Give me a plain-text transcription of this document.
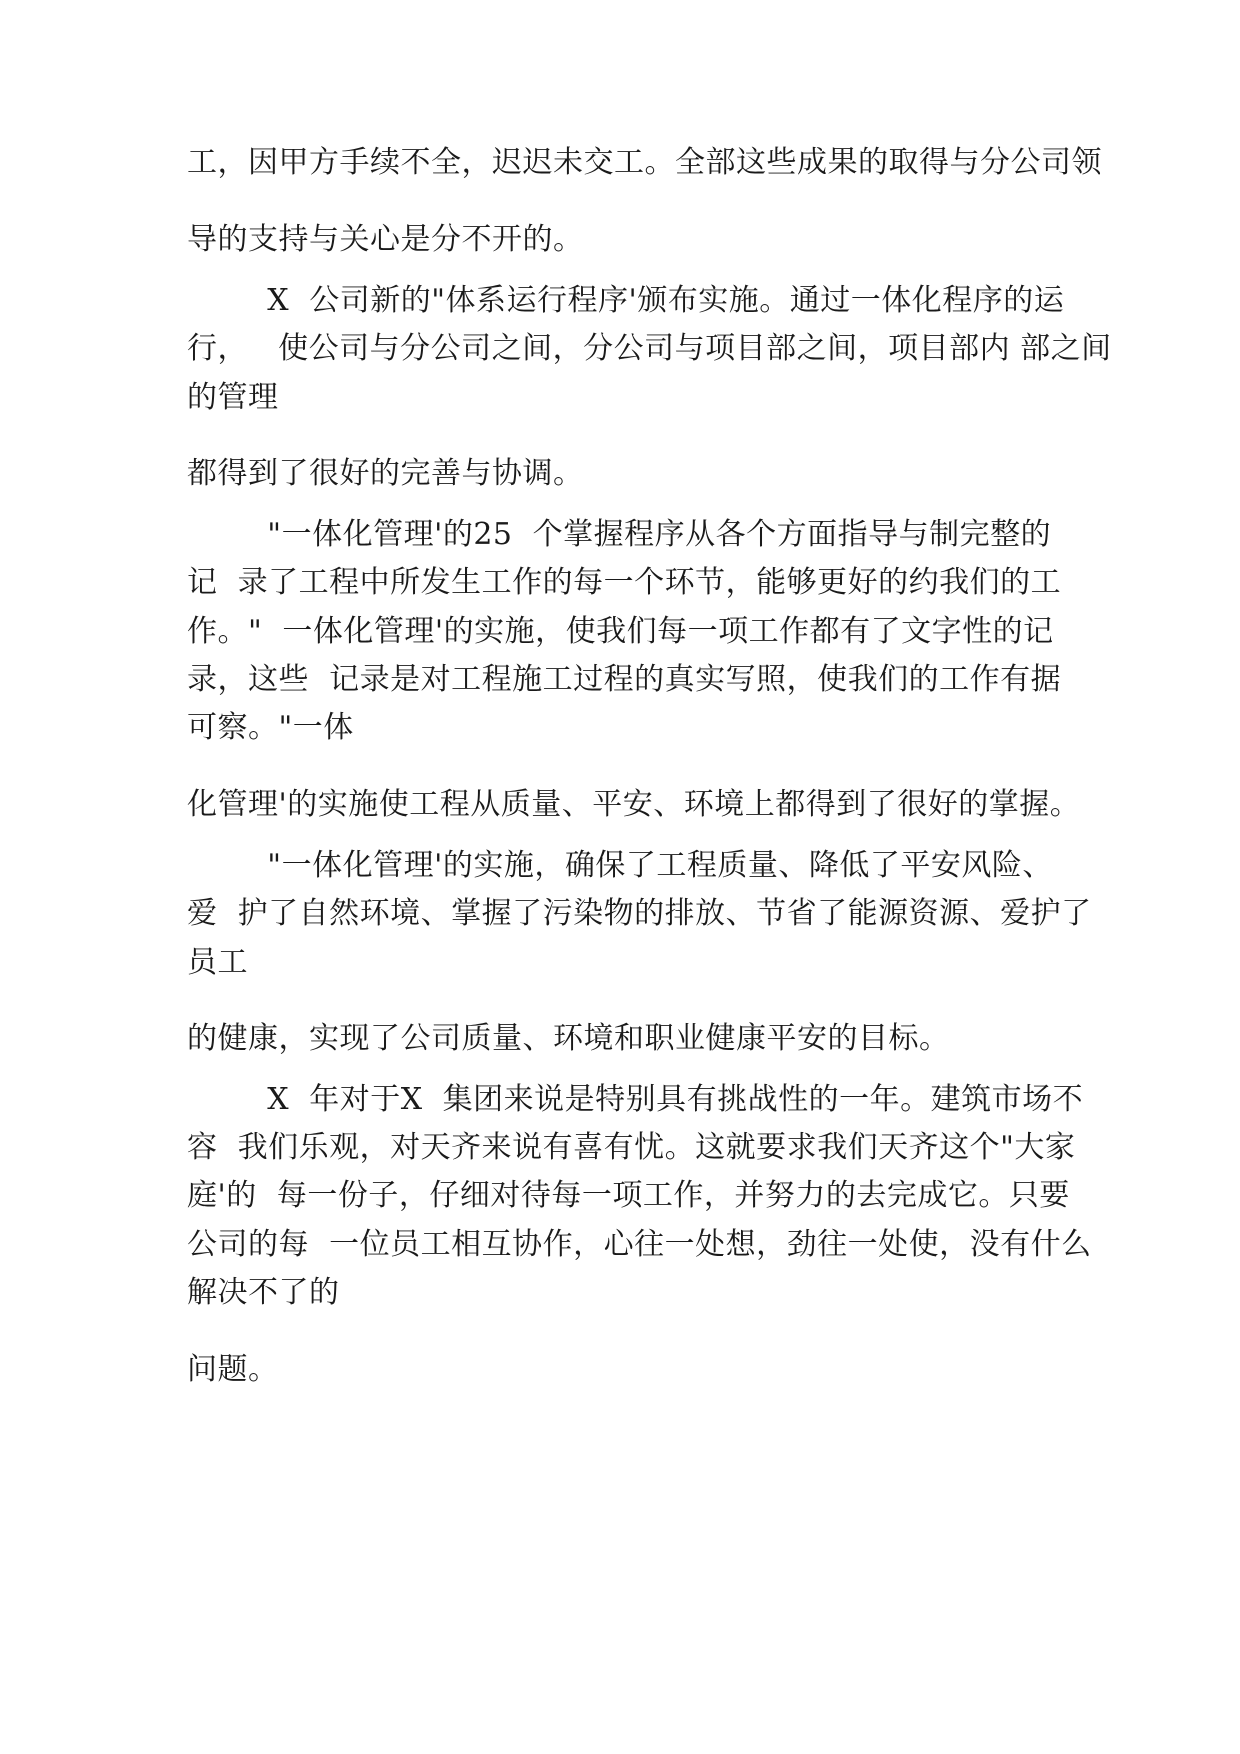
工，因甲方手续不全，迟迟未交工。全部这些成果的取得与分公司领
导的支持与关心是分不开的。
X  公司新的"体系运行程序'颁布实施。通过一体化程序的运
行，   使公司与分公司之间，分公司与项目部之间，项目部内 部之间
的管理
都得到了很好的完善与协调。
"一体化管理'的25  个掌握程序从各个方面指导与制完整的
记  录了工程中所发生工作的每一个环节，能够更好的约我们的工
作。"  一体化管理'的实施，使我们每一项工作都有了文字性的记
录，这些  记录是对工程施工过程的真实写照，使我们的工作有据
可察。"一体
化管理'的实施使工程从质量、平安、环境上都得到了很好的掌握。
"一体化管理'的实施，确保了工程质量、降低了平安风险、
爱  护了自然环境、掌握了污染物的排放、节省了能源资源、爱护了
员工
的健康，实现了公司质量、环境和职业健康平安的目标。
X  年对于X  集团来说是特别具有挑战性的一年。建筑市场不
容  我们乐观，对天齐来说有喜有忧。这就要求我们天齐这个"大家
庭'的  每一份子，仔细对待每一项工作，并努力的去完成它。只要
公司的每  一位员工相互协作，心往一处想，劲往一处使，没有什么
解决不了的
问题。
